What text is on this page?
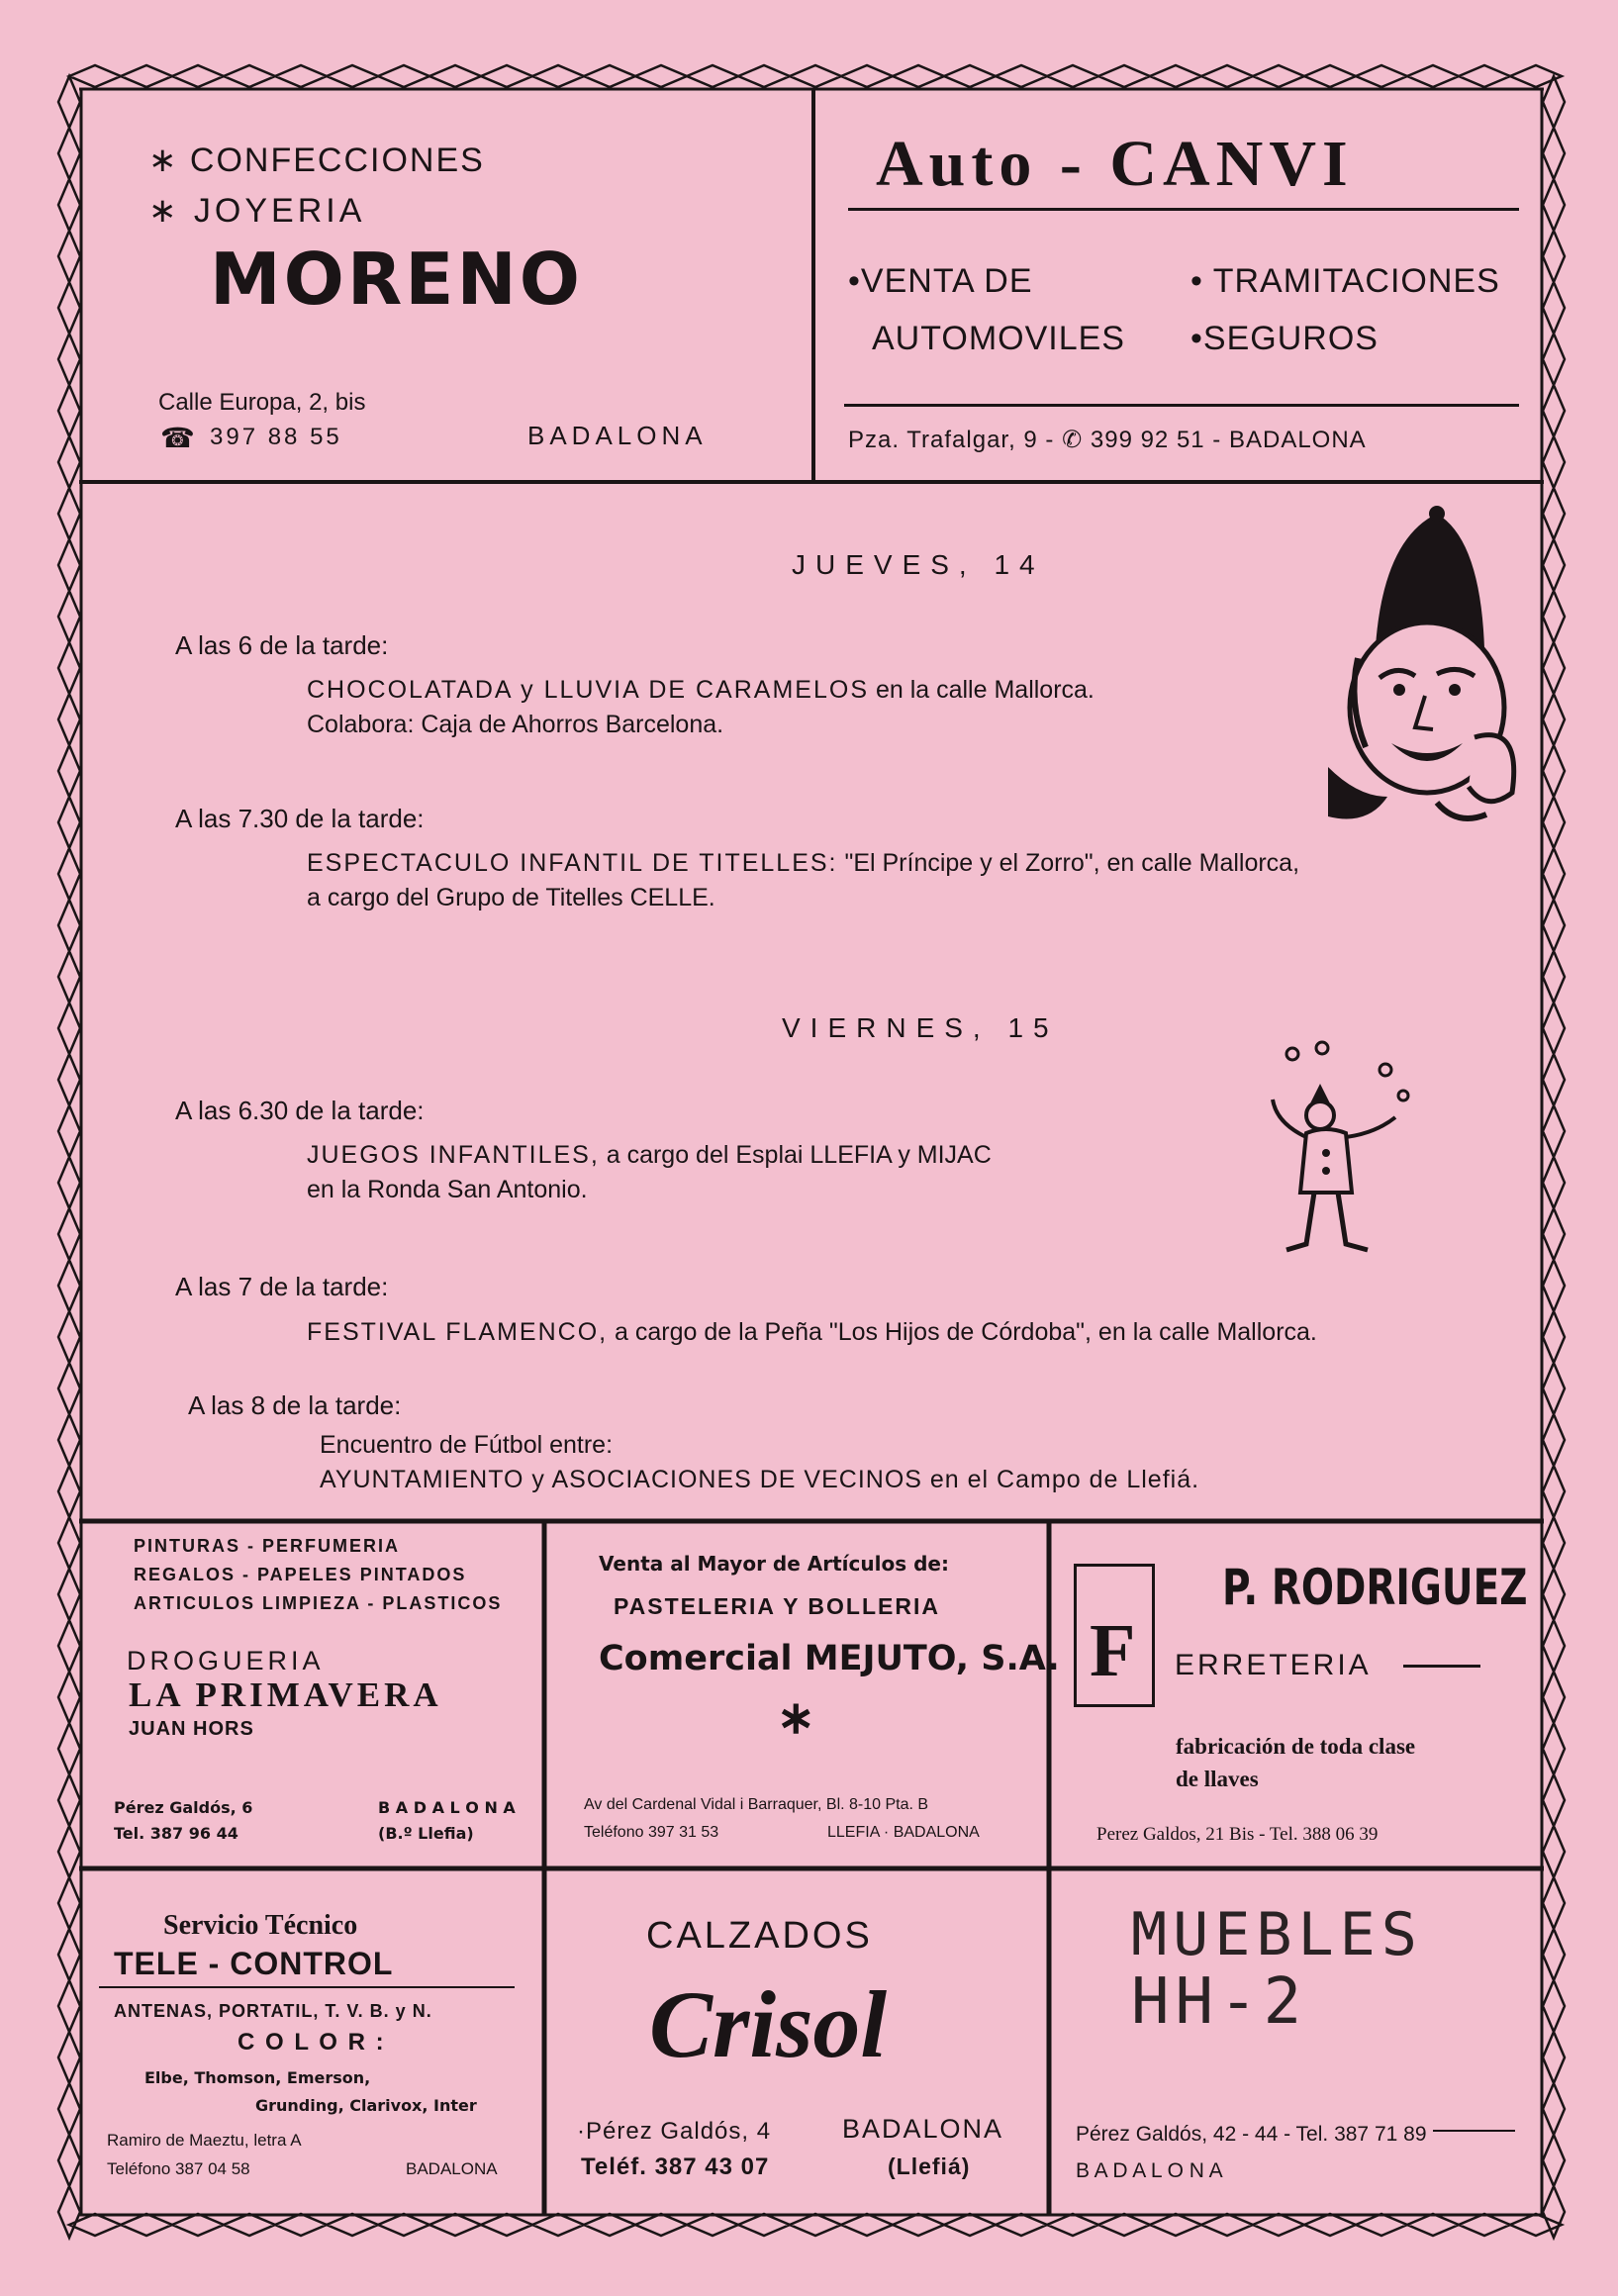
∗ CONFECCIONES
∗ JOYERIA
MORENO
Calle Europa, 2, bis
☎ 397 88 55	BADALONA
Auto - CANVI
•VENTA DE
AUTOMOVILES
• TRAMITACIONES
•SEGUROS
Pza. Trafalgar, 9 - ✆ 399 92 51 - BADALONA
JUEVES, 14
A las 6 de la tarde:
CHOCOLATADA y LLUVIA DE CARAMELOS en la calle Mallorca.
Colabora: Caja de Ahorros Barcelona.
A las 7.30 de la tarde:
ESPECTACULO INFANTIL DE TITELLES: "El Príncipe y el Zorro", en calle Mallorca,
a cargo del Grupo de Titelles CELLE.
VIERNES, 15
A las 6.30 de la tarde:
JUEGOS INFANTILES, a cargo del Esplai LLEFIA y MIJAC
en la Ronda San Antonio.
A las 7 de la tarde:
FESTIVAL FLAMENCO, a cargo de la Peña "Los Hijos de Córdoba", en la calle Mallorca.
A las 8 de la tarde:
Encuentro de Fútbol entre:
AYUNTAMIENTO y ASOCIACIONES DE VECINOS en el Campo de Llefiá.
PINTURAS - PERFUMERIA
REGALOS - PAPELES PINTADOS
ARTICULOS LIMPIEZA - PLASTICOS
DROGUERIA
LA PRIMAVERA
JUAN HORS
Pérez Galdós, 6
Tel. 387 96 44
B A D A L O N A
(B.º Llefia)
Venta al Mayor de Artículos de:
PASTELERIA Y BOLLERIA
Comercial MEJUTO, S.A.
∗
Av del Cardenal Vidal i Barraquer, Bl. 8-10 Pta. B
Teléfono 397 31 53	LLEFIA · BADALONA
P. RODRIGUEZ
F ERRETERIA
fabricación de toda clase
de llaves
Perez Galdos, 21 Bis - Tel. 388 06 39
Servicio Técnico
TELE - CONTROL
ANTENAS, PORTATIL, T. V. B. y N.
C O L O R :
Elbe, Thomson, Emerson,
Grunding, Clarivox, Inter
Ramiro de Maeztu, letra A
Teléfono 387 04 58	BADALONA
CALZADOS
Crisol
·Pérez Galdós, 4
Teléf. 387 43 07
BADALONA
(Llefiá)
MUEBLES
HH-2
Pérez Galdós, 42 - 44 - Tel. 387 71 89
B A D A L O N A
